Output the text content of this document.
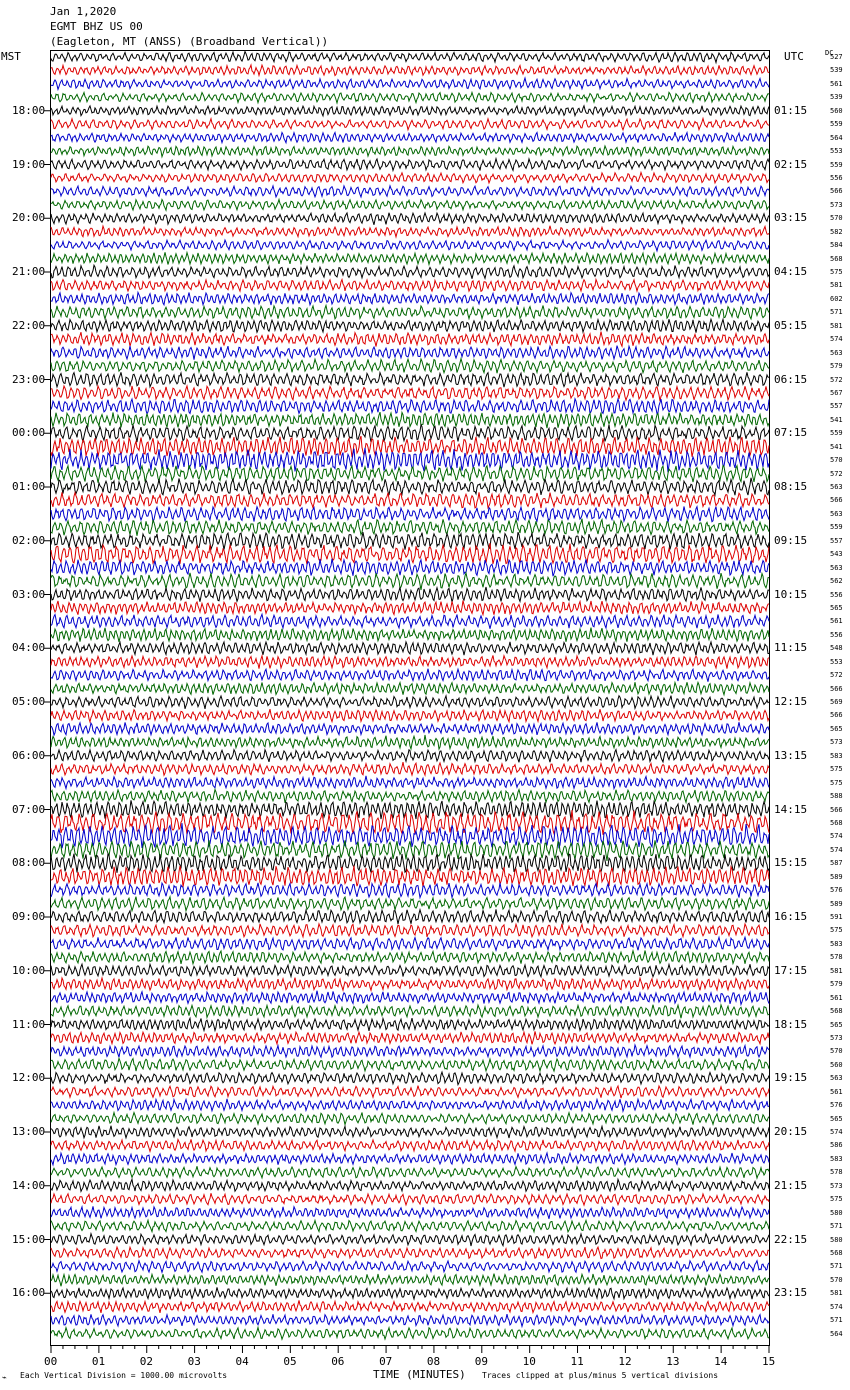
Jan 1,2020
EGMT BHZ US 00
(Eagleton, MT (ANSS) (Broadband Vertical))
MST	UTC	DC
18:00
19:00
20:00
21:00
22:00
23:00
00:00
01:00
02:00
03:00
04:00
05:00
06:00
07:00
08:00
09:00
10:00
11:00
12:00
13:00
14:00
15:00
16:00
01:15
02:15
03:15
04:15
05:15
06:15
07:15
08:15
09:15
10:15
11:15
12:15
13:15
14:15
15:15
16:15
17:15
18:15
19:15
20:15
21:15
22:15
23:15
527
539
561
539
560
559
564
553
559
556
566
573
570
582
584
568
575
581
602
571
581
574
563
579
572
567
557
541
559
541
570
572
563
566
563
559
557
543
563
562
556
565
561
556
548
553
572
566
569
566
565
573
583
575
575
588
566
568
574
574
587
589
576
589
591
575
583
578
581
579
561
568
565
573
570
560
563
561
576
565
574
586
583
578
573
575
580
571
580
568
571
570
581
574
571
564
00	01	02	03	04	05	06	07	08	09	10	11	12	13	14	15
TIME (MINUTES)
⌁ Each Vertical Division = 1000.00 microvolts	Traces clipped at plus/minus 5 vertical divisions
